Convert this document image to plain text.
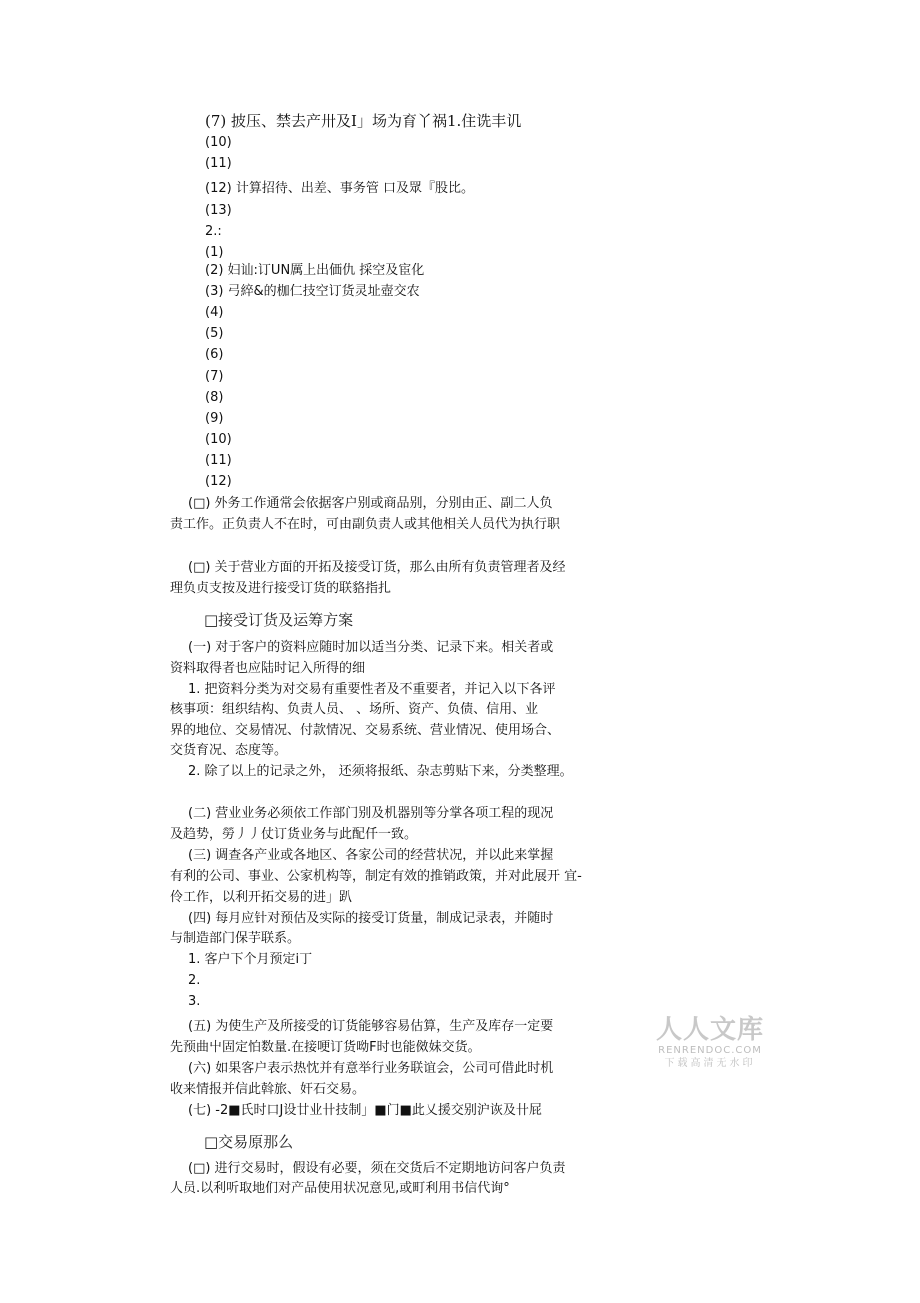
(7) 披压、禁去产卅及I」场为育丫祸1.住诜丰讥
(10)
(11)
(12) 计算招待、出差、事务管 口及眾『股比。
(13)
2.:
(1)
(2) 妇讪:订UN厲上出価仇 採空及宦化
(3) 弓綷&的枷仁技空订货灵址壺交农
(4)
(5)
(6)
(7)
(8)
(9)
(10)
(11)
(12)
(□) 外务工作通常会依据客户别或商品别，分别由正、副二人负
责工作。正负责人不在时，可由副负责人或其他相关人员代为执行职
(□) 关于营业方面的开拓及接受订货，那么由所有负责管理者及经
理负贞支按及进行接受订货的联貉指扎
□接受订货及运筹方案
(一) 对于客户的资料应随时加以适当分类、记录下来。相关者或
资料取得者也应陆时记入所得的细
1. 把资料分类为对交易有重要性者及不重要者，并记入以下各评
核事项：组织结构、负责人员、 、场所、资产、负债、信用、业
界的地位、交易情况、付款情况、交易系统、营业情况、使用场合、
交货育况、态度等。
2. 除了以上的记录之外， 还须将报纸、杂志剪贴下来，分类整理。
(二) 营业业务必须依工作部门别及机器别等分掌各项工程的现况
及趋势，勞丿丿仗订货业务与此配仟一致。
(三) 调查各产业或各地区、各家公司的经营状况，并以此来掌握
有利的公司、事业、公家机构等，制定有效的推销政策，并对此展开 宜-
伶工作，以利开拓交易的进」趴
(四) 每月应针对预估及实际的接受订货量，制成记录表，并随时
与制造部门保芋联系。
1. 客户下个月预定i丁
2.
3.
(五) 为使生产及所接受的订货能够容易估算，生产及库存一定要
先预曲屮固定怕数量.在接哽订货呦F时也能傚妹交货。
(六) 如果客户表示热忱并有意举行业务联谊会，公司可借此时机
收来情报并信此斡旅、奸石交易。
(七) -2■氏时口J设廿业卄技制」■门■此乂援交别沪诙及卄屁
□交易原那么
(□) 进行交易时，假设有必要，须在交货后不定期地访问客户负责
人员.以利听取地们对产品使用状况意见,或町利用书信代询°
人人文库
RENRENDOC.COM
下载高清无水印
